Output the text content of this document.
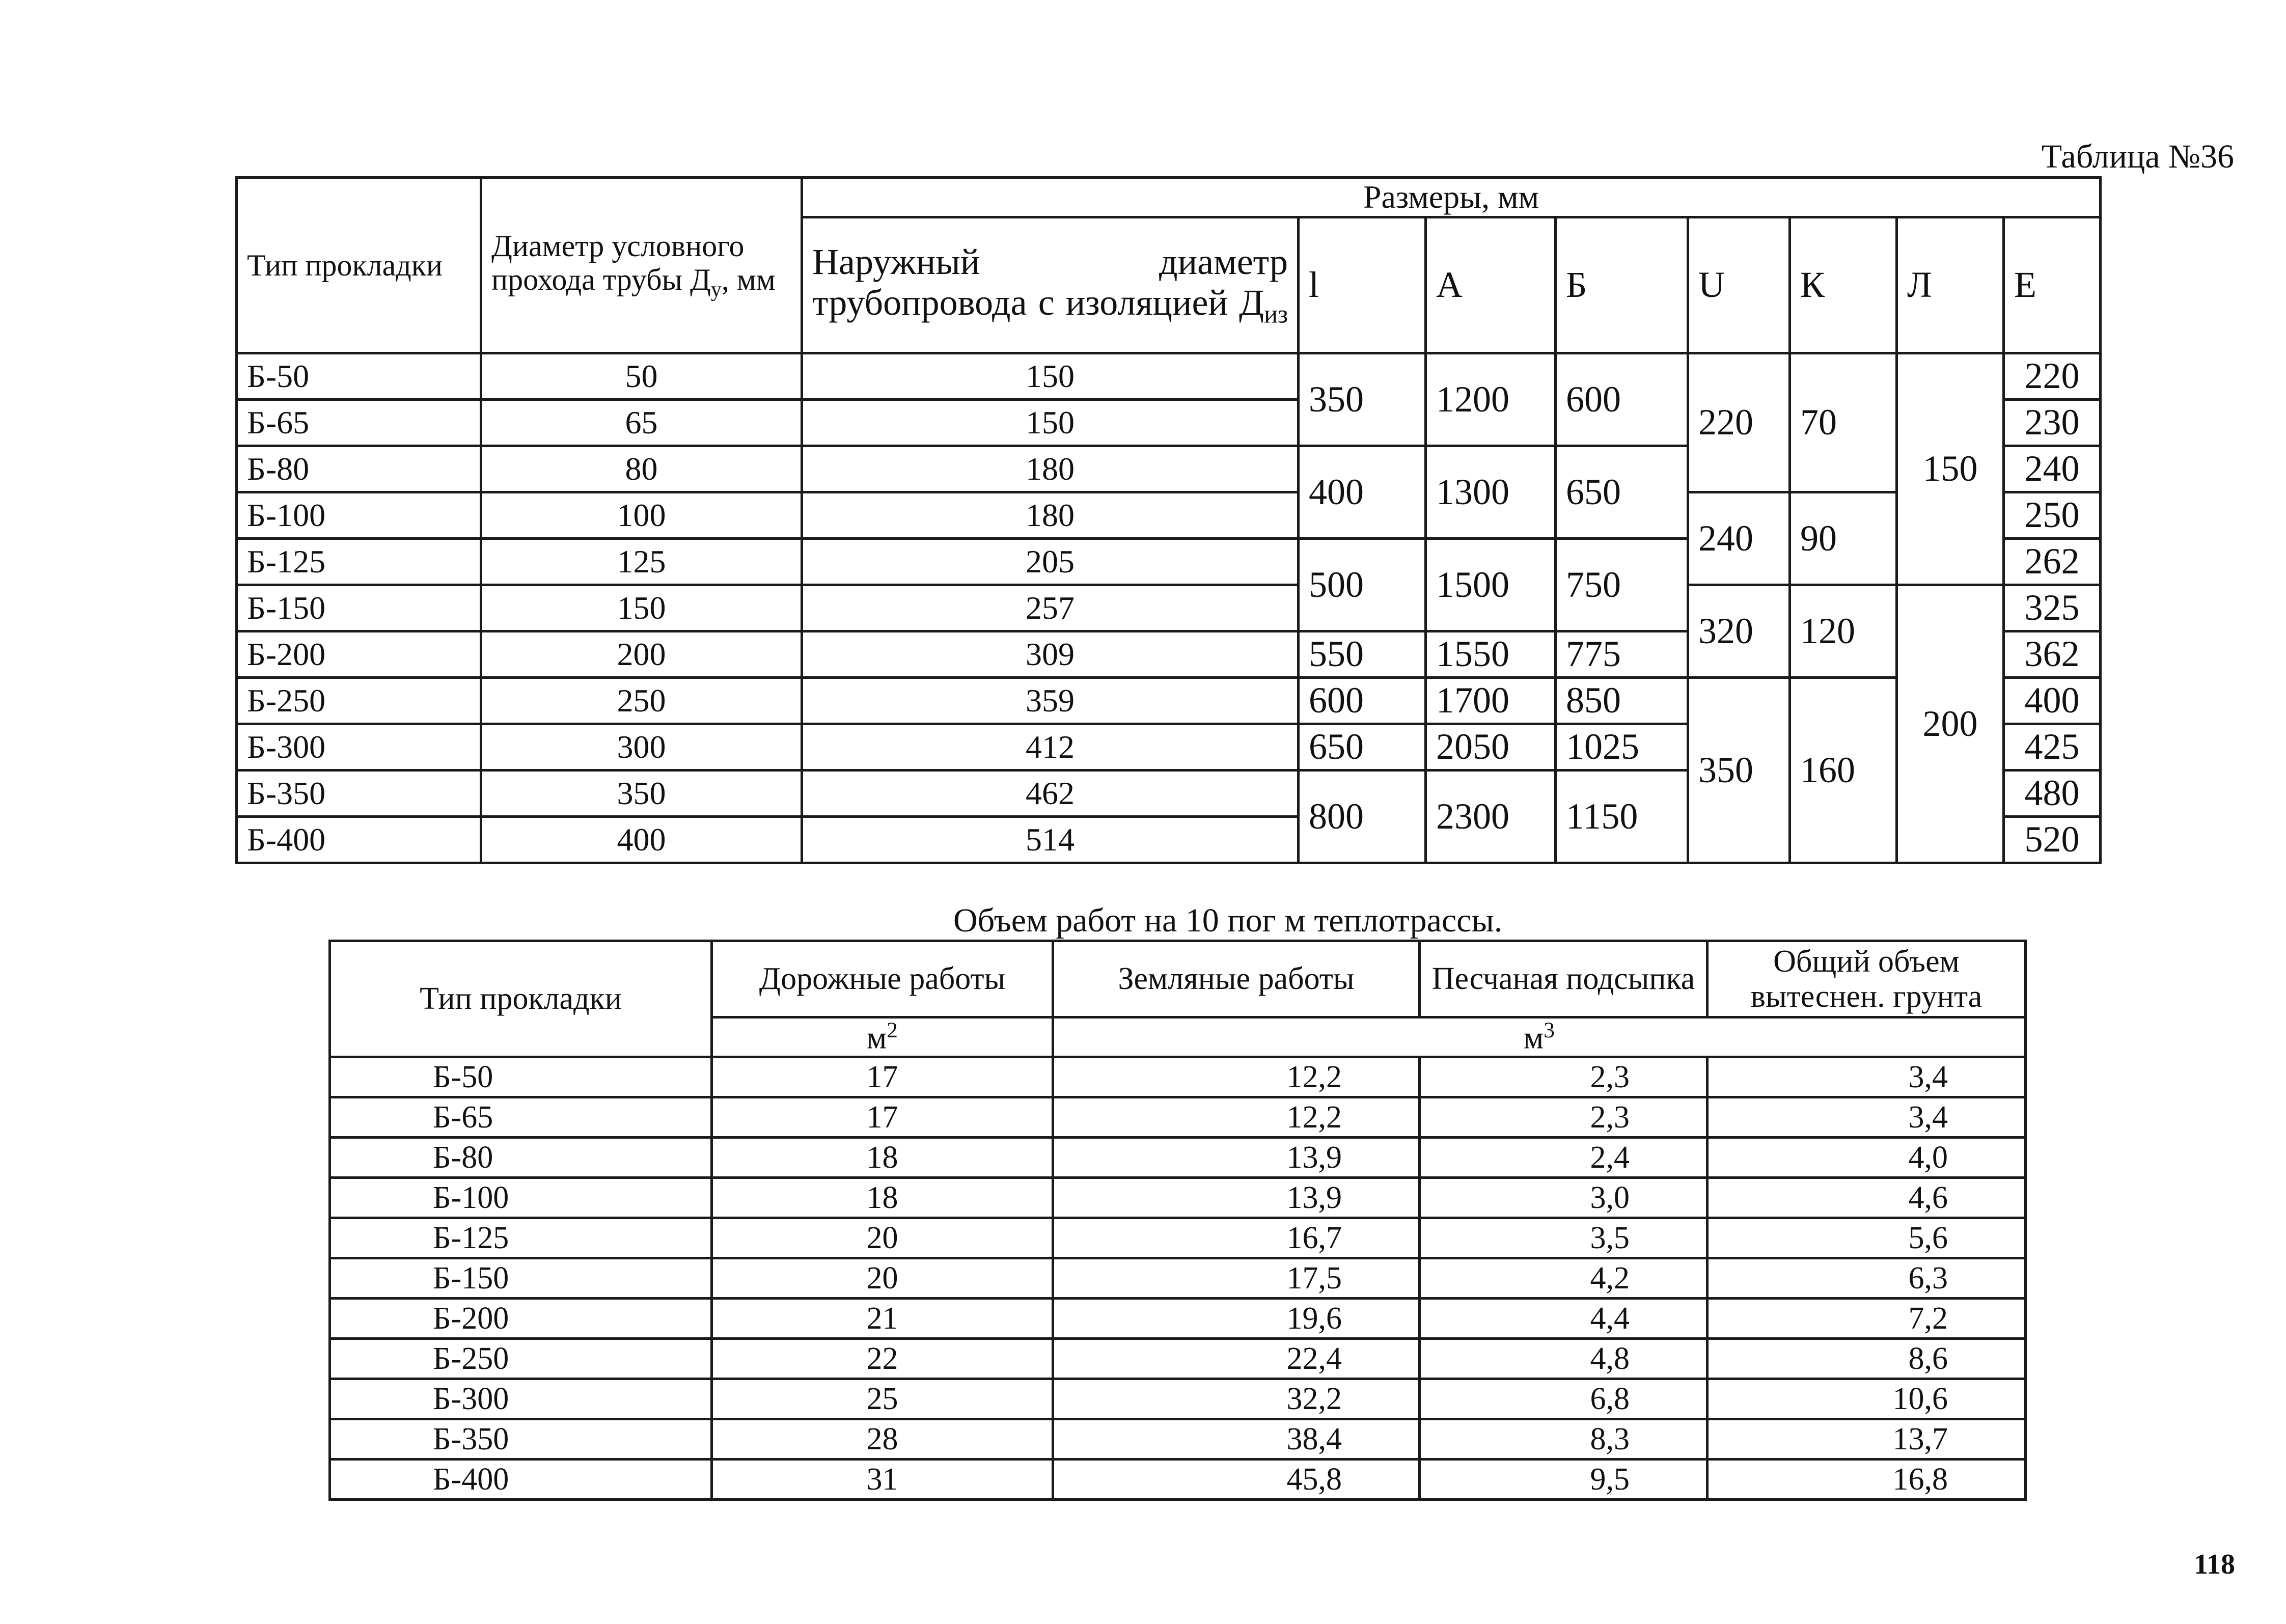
Таблица №36
Тип прокладки	Диаметр условного прохода трубы $Д_у$, мм	Размеры, мм							
		Наружный диаметр трубопровода с изоляцией $Д_{из}$	l	А	Б	U	К	Л	Е
Б-50	50	150	350	1200	600	220	70	150	220
Б-65	65	150							230
Б-80	80	180	400	1300	650				240
Б-100	100	180				240	90		250
Б-125	125	205	500	1500	750				262
Б-150	150	257				320	120	200	325
Б-200	200	309	550	1550	775				362
Б-250	250	359	600	1700	850	350	160		400
Б-300	300	412	650	2050	1025				425
Б-350	350	462	800	2300	1150				480
Б-400	400	514							520
Объем работ на 10 пог м теплотрассы.
Тип прокладки	Дорожные работы	Земляные работы	Песчаная подсыпка	Общий объем вытеснен. грунта
	$м^2$	$м^3$
Б-50	17	12,2	2,3	3,4
Б-65	17	12,2	2,3	3,4
Б-80	18	13,9	2,4	4,0
Б-100	18	13,9	3,0	4,6
Б-125	20	16,7	3,5	5,6
Б-150	20	17,5	4,2	6,3
Б-200	21	19,6	4,4	7,2
Б-250	22	22,4	4,8	8,6
Б-300	25	32,2	6,8	10,6
Б-350	28	38,4	8,3	13,7
Б-400	31	45,8	9,5	16,8
118
